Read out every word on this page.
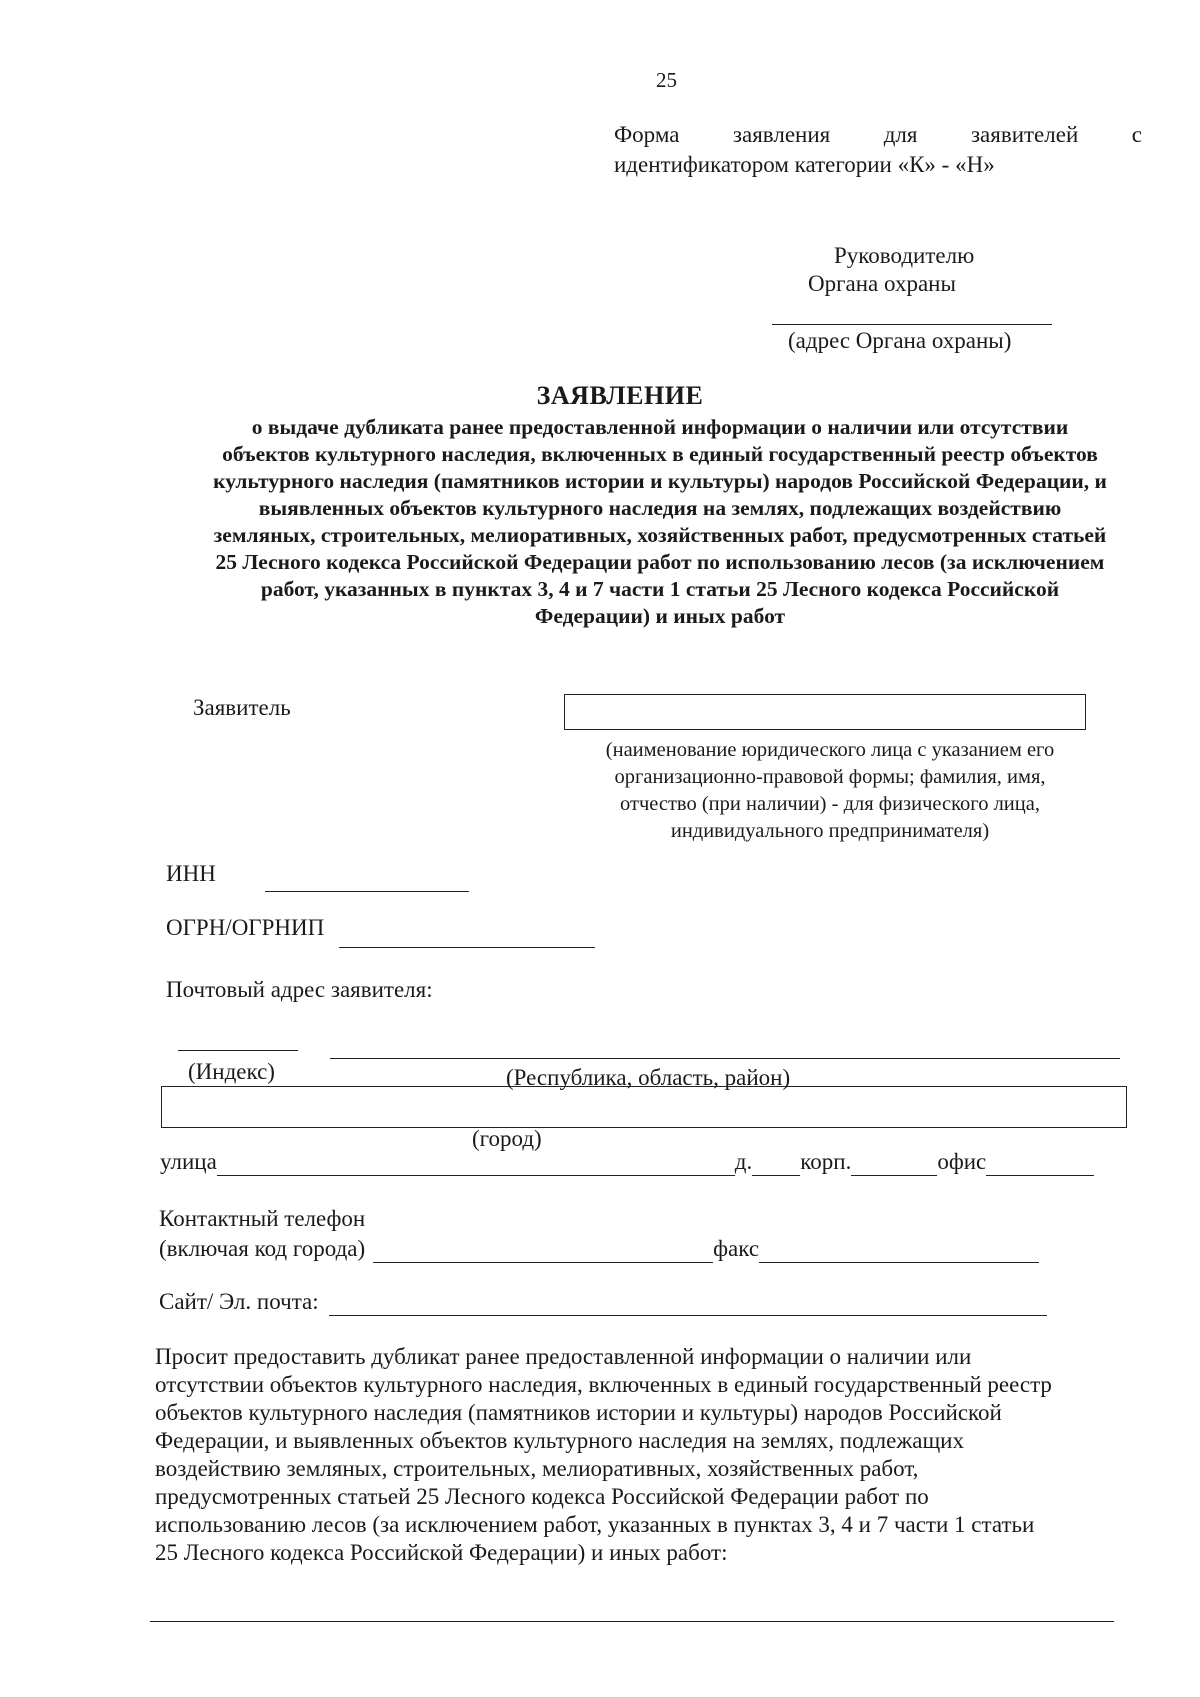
25
Форма заявления для заявителей с
идентификатором категории «К» - «Н»
Руководителю
Органа охраны
(адрес Органа охраны)
ЗАЯВЛЕНИЕ
о выдаче дубликата ранее предоставленной информации о наличии или отсутствии
объектов культурного наследия, включенных в единый государственный реестр объектов
культурного наследия (памятников истории и культуры) народов Российской Федерации, и
выявленных объектов культурного наследия на землях, подлежащих воздействию
земляных, строительных, мелиоративных, хозяйственных работ, предусмотренных статьей
25 Лесного кодекса Российской Федерации работ по использованию лесов (за исключением
работ, указанных в пунктах 3, 4 и 7 части 1 статьи 25 Лесного кодекса Российской
Федерации) и иных работ
Заявитель
(наименование юридического лица с указанием его
организационно-правовой формы; фамилия, имя,
отчество (при наличии) - для физического лица,
индивидуального предпринимателя)
ИНН
ОГРН/ОГРНИП
Почтовый адрес заявителя:
(Индекс)	(Республика, область, район)
(город)
улица	д. корп.	офис
Контактный телефон
(включая код города)	факс
Сайт/ Эл. почта:
Просит предоставить дубликат ранее предоставленной информации о наличии или
отсутствии объектов культурного наследия, включенных в единый государственный реестр
объектов культурного наследия (памятников истории и культуры) народов Российской
Федерации, и выявленных объектов культурного наследия на землях, подлежащих
воздействию земляных, строительных, мелиоративных, хозяйственных работ,
предусмотренных статьей 25 Лесного кодекса Российской Федерации работ по
использованию лесов (за исключением работ, указанных в пунктах 3, 4 и 7 части 1 статьи
25 Лесного кодекса Российской Федерации) и иных работ:
